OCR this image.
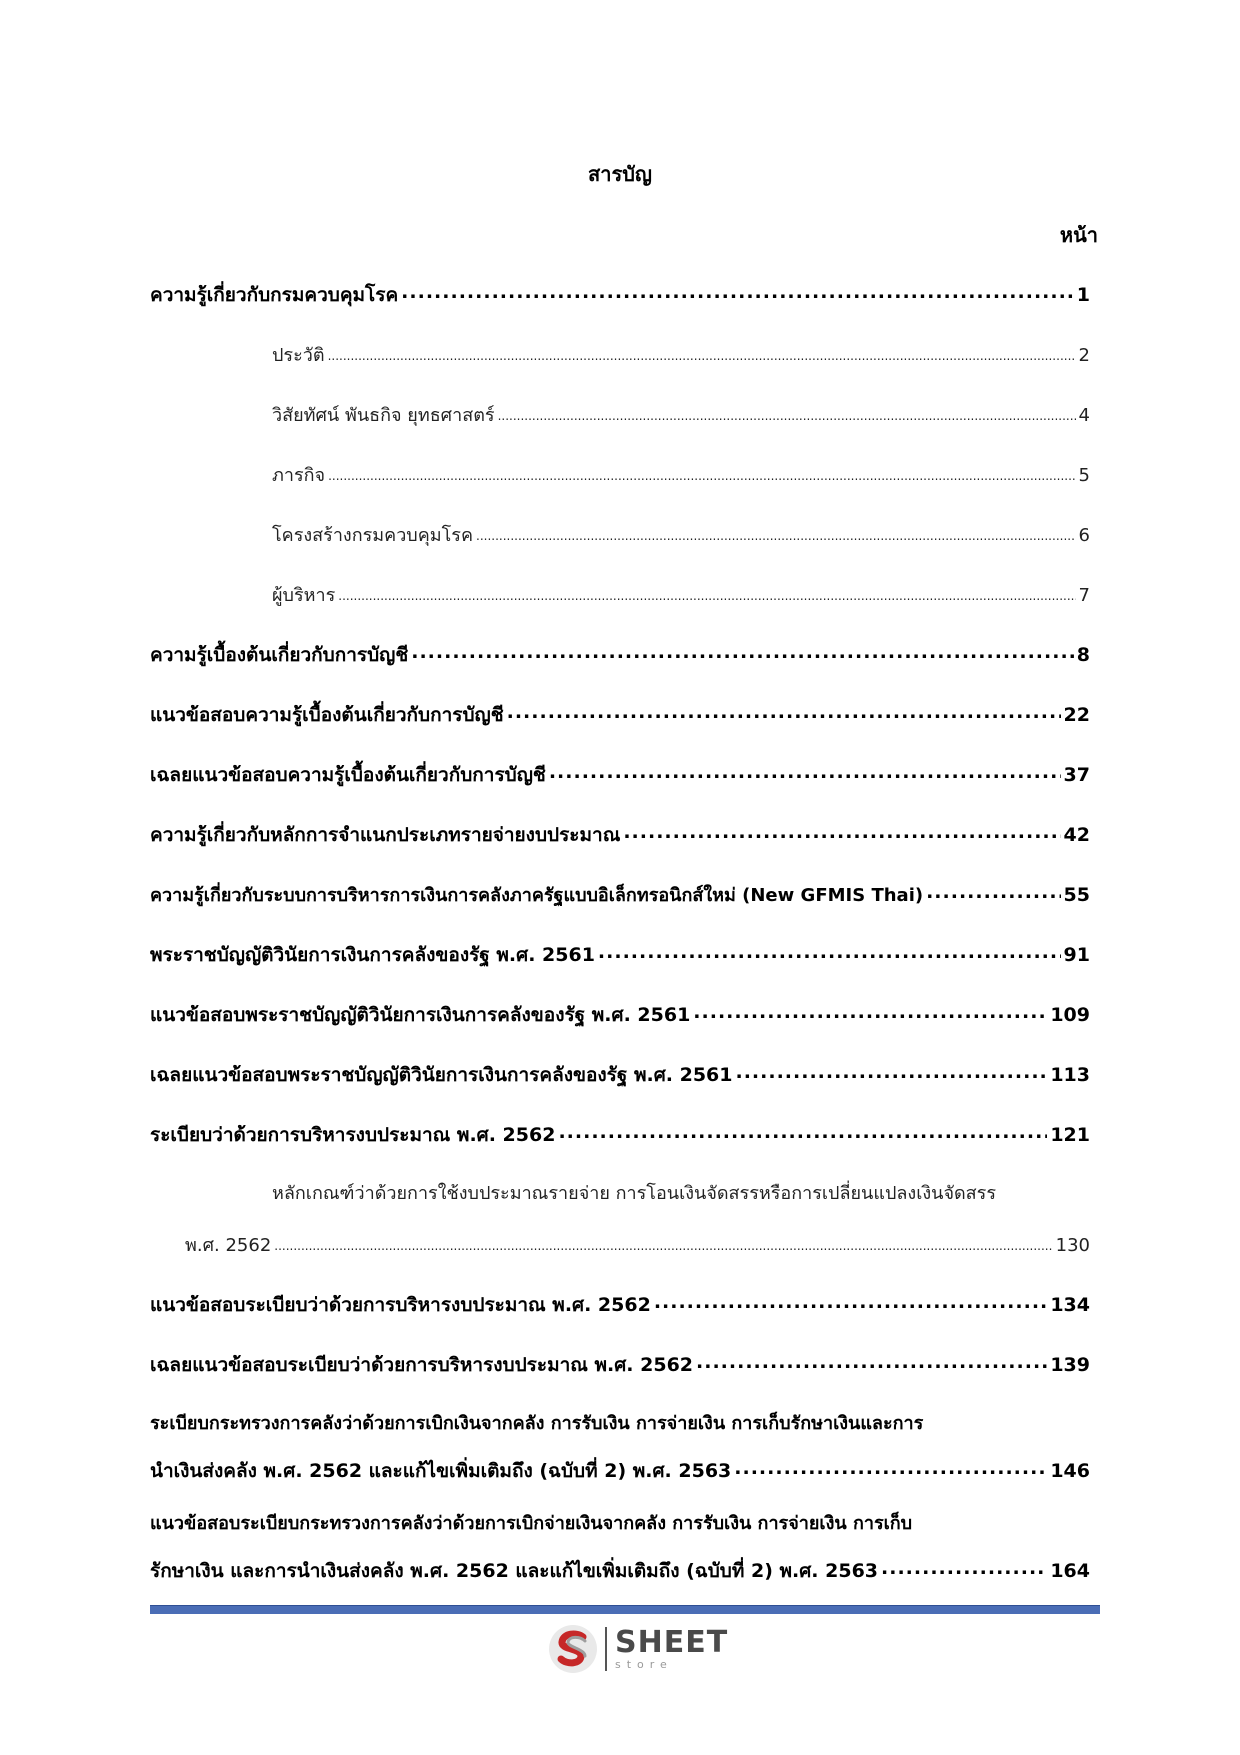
สารบัญ
หน้า
ความรู้เกี่ยวกับกรมควบคุมโรค .....	1
ประวัติ .....	2
วิสัยทัศน์ พันธกิจ ยุทธศาสตร์ .....	4
ภารกิจ .....	5
โครงสร้างกรมควบคุมโรค .....	6
ผู้บริหาร .....	7
ความรู้เบื้องต้นเกี่ยวกับการบัญชี .....	8
แนวข้อสอบความรู้เบื้องต้นเกี่ยวกับการบัญชี .....	22
เฉลยแนวข้อสอบความรู้เบื้องต้นเกี่ยวกับการบัญชี .....	37
ความรู้เกี่ยวกับหลักการจำแนกประเภทรายจ่ายงบประมาณ .....	42
ความรู้เกี่ยวกับระบบการบริหารการเงินการคลังภาครัฐแบบอิเล็กทรอนิกส์ใหม่ (New GFMIS Thai) .....	55
พระราชบัญญัติวินัยการเงินการคลังของรัฐ พ.ศ. 2561 .....	91
แนวข้อสอบพระราชบัญญัติวินัยการเงินการคลังของรัฐ พ.ศ. 2561 .....	109
เฉลยแนวข้อสอบพระราชบัญญัติวินัยการเงินการคลังของรัฐ พ.ศ. 2561 .....	113
ระเบียบว่าด้วยการบริหารงบประมาณ พ.ศ. 2562 .....	121
หลักเกณฑ์ว่าด้วยการใช้งบประมาณรายจ่าย การโอนเงินจัดสรรหรือการเปลี่ยนแปลงเงินจัดสรร
พ.ศ. 2562 .....	130
แนวข้อสอบระเบียบว่าด้วยการบริหารงบประมาณ พ.ศ. 2562 .....	134
เฉลยแนวข้อสอบระเบียบว่าด้วยการบริหารงบประมาณ พ.ศ. 2562 .....	139
ระเบียบกระทรวงการคลังว่าด้วยการเบิกเงินจากคลัง การรับเงิน การจ่ายเงิน การเก็บรักษาเงินและการ
นำเงินส่งคลัง พ.ศ. 2562 และแก้ไขเพิ่มเติมถึง (ฉบับที่ 2) พ.ศ. 2563 .....	146
แนวข้อสอบระเบียบกระทรวงการคลังว่าด้วยการเบิกจ่ายเงินจากคลัง การรับเงิน การจ่ายเงิน การเก็บ
รักษาเงิน และการนำเงินส่งคลัง พ.ศ. 2562 และแก้ไขเพิ่มเติมถึง (ฉบับที่ 2) พ.ศ. 2563 .....	164
SHEET
store
